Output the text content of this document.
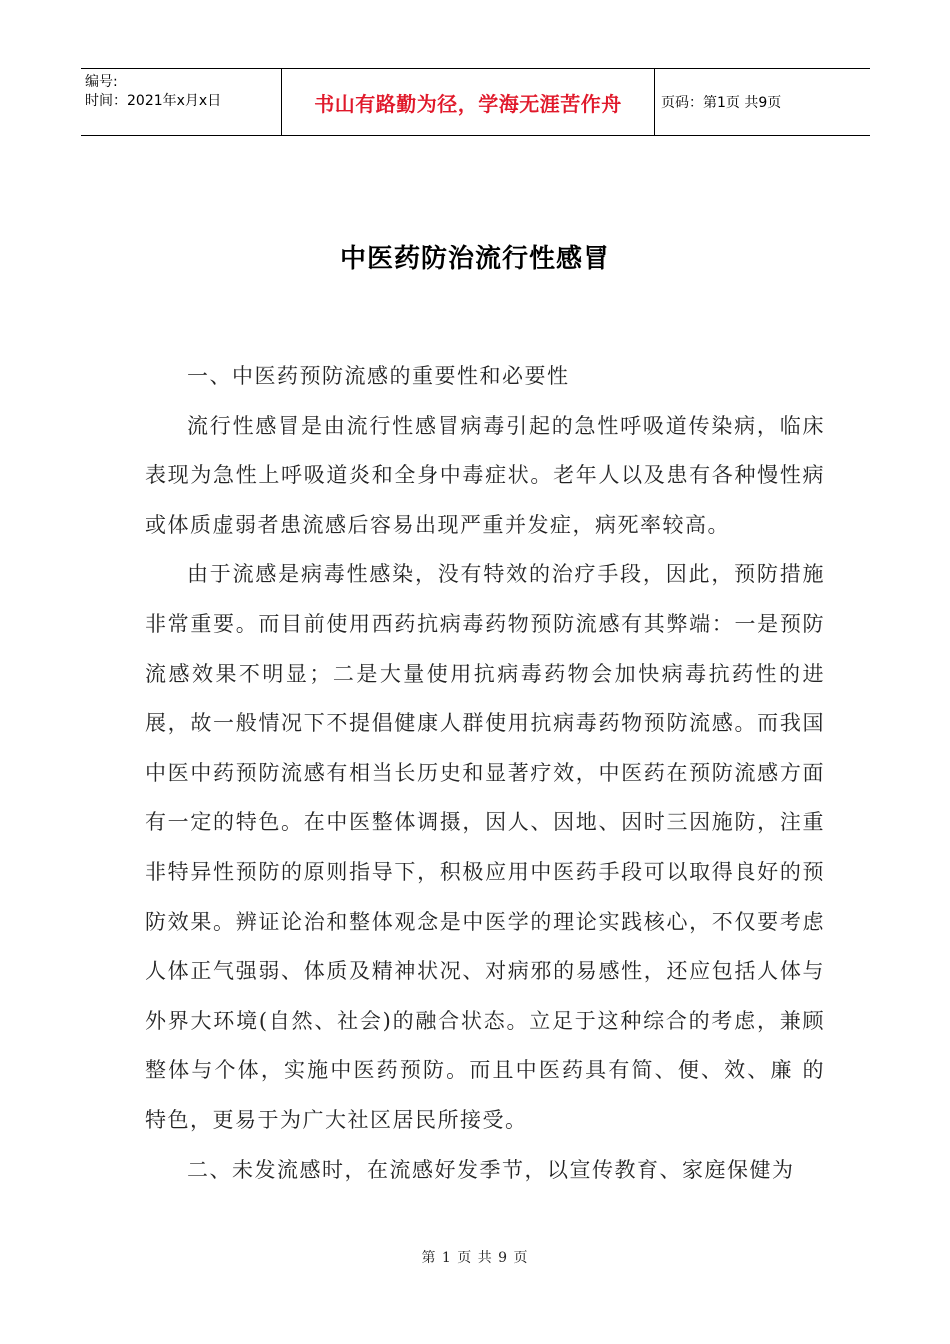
编号:
时间：2021年x月x日	书山有路勤为径，学海无涯苦作舟	页码：第1页 共9页
中医药防治流行性感冒

一、中医药预防流感的重要性和必要性

流行性感冒是由流行性感冒病毒引起的急性呼吸道传染病，临床表现为急性上呼吸道炎和全身中毒症状。老年人以及患有各种慢性病或体质虚弱者患流感后容易出现严重并发症，病死率较高。

由于流感是病毒性感染，没有特效的治疗手段，因此，预防措施非常重要。而目前使用西药抗病毒药物预防流感有其弊端：一是预防流感效果不明显；二是大量使用抗病毒药物会加快病毒抗药性的进展，故一般情况下不提倡健康人群使用抗病毒药物预防流感。而我国中医中药预防流感有相当长历史和显著疗效，中医药在预防流感方面有一定的特色。在中医整体调摄，因人、因地、因时三因施防，注重非特异性预防的原则指导下，积极应用中医药手段可以取得良好的预防效果。辨证论治和整体观念是中医学的理论实践核心，不仅要考虑人体正气强弱、体质及精神状况、对病邪的易感性，还应包括人体与外界大环境(自然、社会)的融合状态。立足于这种综合的考虑，兼顾整体与个体，实施中医药预防。而且中医药具有简、便、效、廉 的特色，更易于为广大社区居民所接受。

二、未发流感时，在流感好发季节，以宣传教育、家庭保健为

第 1 页 共 9 页
